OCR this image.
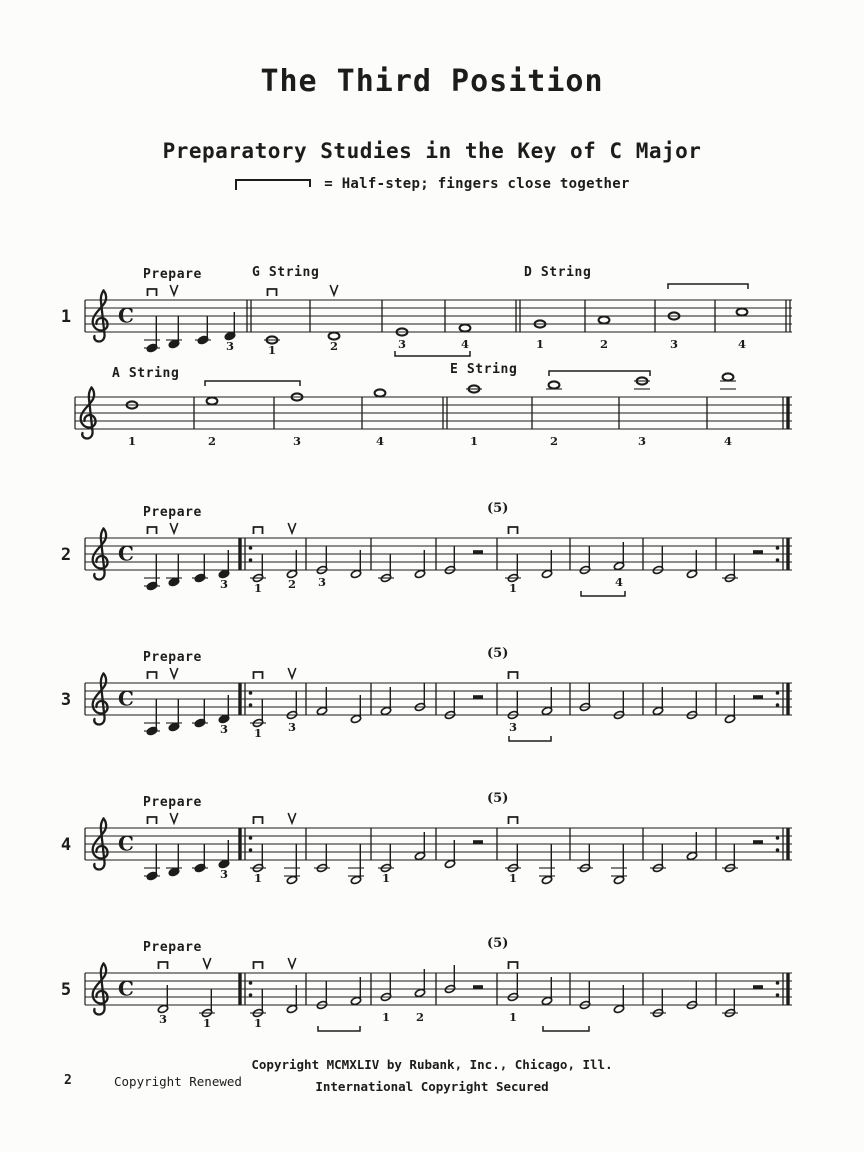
The Third Position
Preparatory Studies in the Key of C Major
= Half-step; fingers close together
1 C
Prepare
3
G String
1	2	3	4
D String
1	2	3	4
A String
1	2	3	4
E String
1	2	3	4
2 C
Prepare
3 1 2 3
(5)
1	4
3 C
Prepare
3 1 3
(5)
3
4 C
Prepare
3 1	1
(5)
1
5 C
Prepare
3	1	1	1 2
(5)
1
2	Copyright Renewed
Copyright MCMXLIV by Rubank, Inc., Chicago, Ill.
International Copyright Secured
